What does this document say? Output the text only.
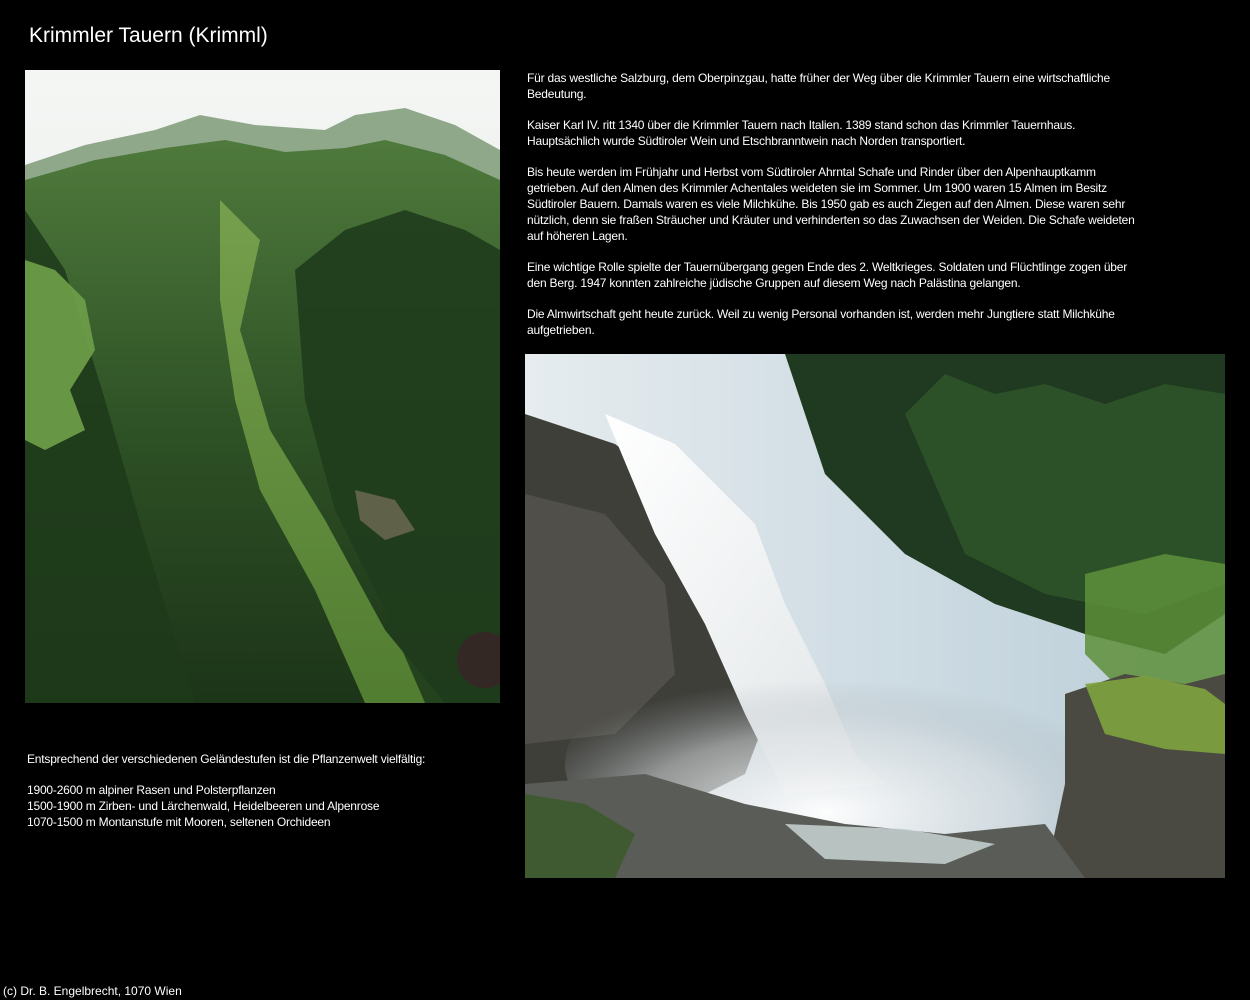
Krimmler Tauern (Krimml)

Für das westliche Salzburg, dem Oberpinzgau, hatte früher der Weg über die Krimmler Tauern eine wirtschaftliche Bedeutung.

Kaiser Karl IV. ritt 1340 über die Krimmler Tauern nach Italien. 1389 stand schon das Krimmler Tauernhaus. Hauptsächlich wurde Südtiroler Wein und Etschbranntwein nach Norden transportiert.

Bis heute werden im Frühjahr und Herbst vom Südtiroler Ahrntal Schafe und Rinder über den Alpenhauptkamm getrieben. Auf den Almen des Krimmler Achentales weideten sie im Sommer. Um 1900 waren 15 Almen im Besitz Südtiroler Bauern. Damals waren es viele Milchkühe. Bis 1950 gab es auch Ziegen auf den Almen. Diese waren sehr nützlich, denn sie fraßen Sträucher und Kräuter und verhinderten so das Zuwachsen der Weiden. Die Schafe weideten auf höheren Lagen.

Eine wichtige Rolle spielte der Tauernübergang gegen Ende des 2. Weltkrieges. Soldaten und Flüchtlinge zogen über den Berg. 1947 konnten zahlreiche jüdische Gruppen auf diesem Weg nach Palästina gelangen.

Die Almwirtschaft geht heute zurück. Weil zu wenig Personal vorhanden ist, werden mehr Jungtiere statt Milchkühe aufgetrieben.

Entsprechend der verschiedenen Geländestufen ist die Pflanzenwelt vielfältig:

1900-2600 m alpiner Rasen und Polsterpflanzen
1500-1900 m Zirben- und Lärchenwald, Heidelbeeren und Alpenrose
1070-1500 m Montanstufe mit Mooren, seltenen Orchideen
(c) Dr. B. Engelbrecht, 1070 Wien
